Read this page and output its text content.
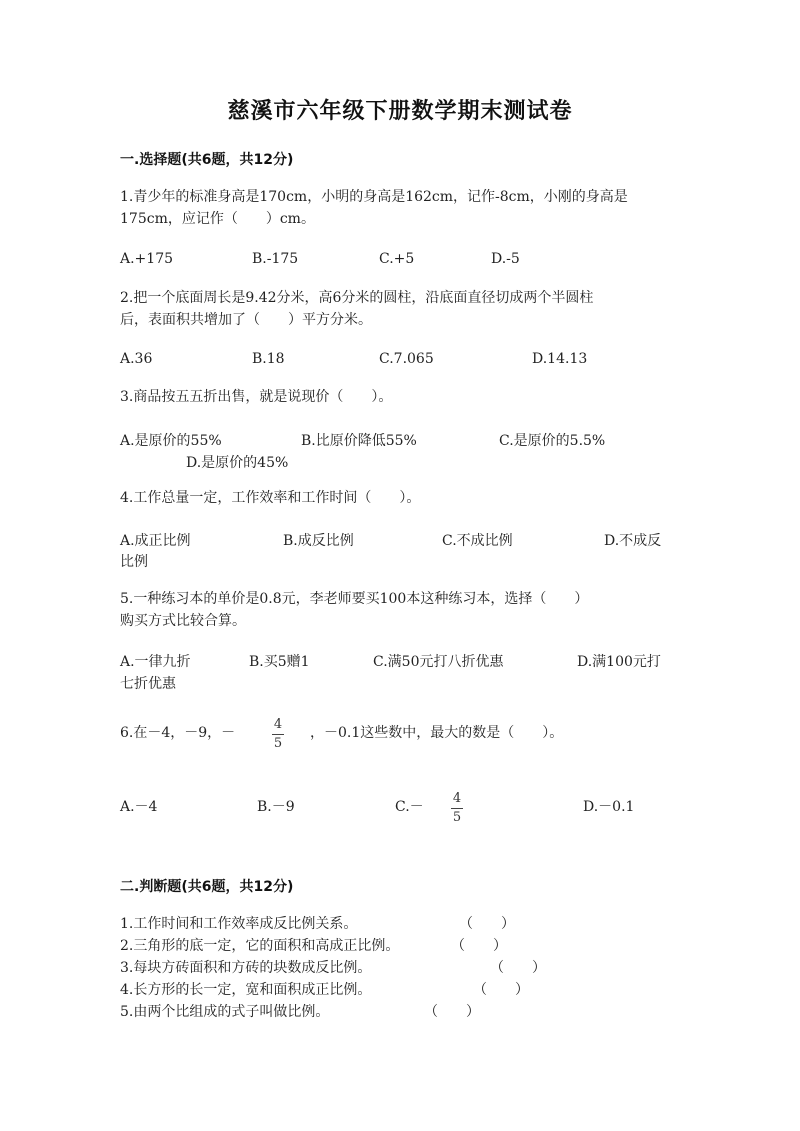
慈溪市六年级下册数学期末测试卷
一.选择题(共6题，共12分)
1.青少年的标准身高是170cm，小明的身高是162cm，记作-8cm，小刚的身高是
175cm，应记作（　　）cm。
A.+175	B.-175	C.+5	D.-5
2.把一个底面周长是9.42分米，高6分米的圆柱，沿底面直径切成两个半圆柱
后，表面积共增加了（　　）平方分米。
A.36	B.18	C.7.065	D.14.13
3.商品按五五折出售，就是说现价（　　）。
A.是原价的55%	B.比原价降低55%	C.是原价的5.5%
D.是原价的45%
4.工作总量一定，工作效率和工作时间（　　）。
A.成正比例	B.成反比例	C.不成比例	D.不成反
比例
5.一种练习本的单价是0.8元，李老师要买100本这种练习本，选择（　　）
购买方式比较合算。
A.一律九折	B.买5赠1	C.满50元打八折优惠	D.满100元打
七折优惠
6.在－4，－9，－
4
5
，－0.1这些数中，最大的数是（　　）。
A.－4	B.－9	C.－
4
5
D.－0.1
二.判断题(共6题，共12分)
1.工作时间和工作效率成反比例关系。	（　　）
2.三角形的底一定，它的面积和高成正比例。	（　　）
3.每块方砖面积和方砖的块数成反比例。	（　　）
4.长方形的长一定，宽和面积成正比例。	（　　）
5.由两个比组成的式子叫做比例。	（　　）
